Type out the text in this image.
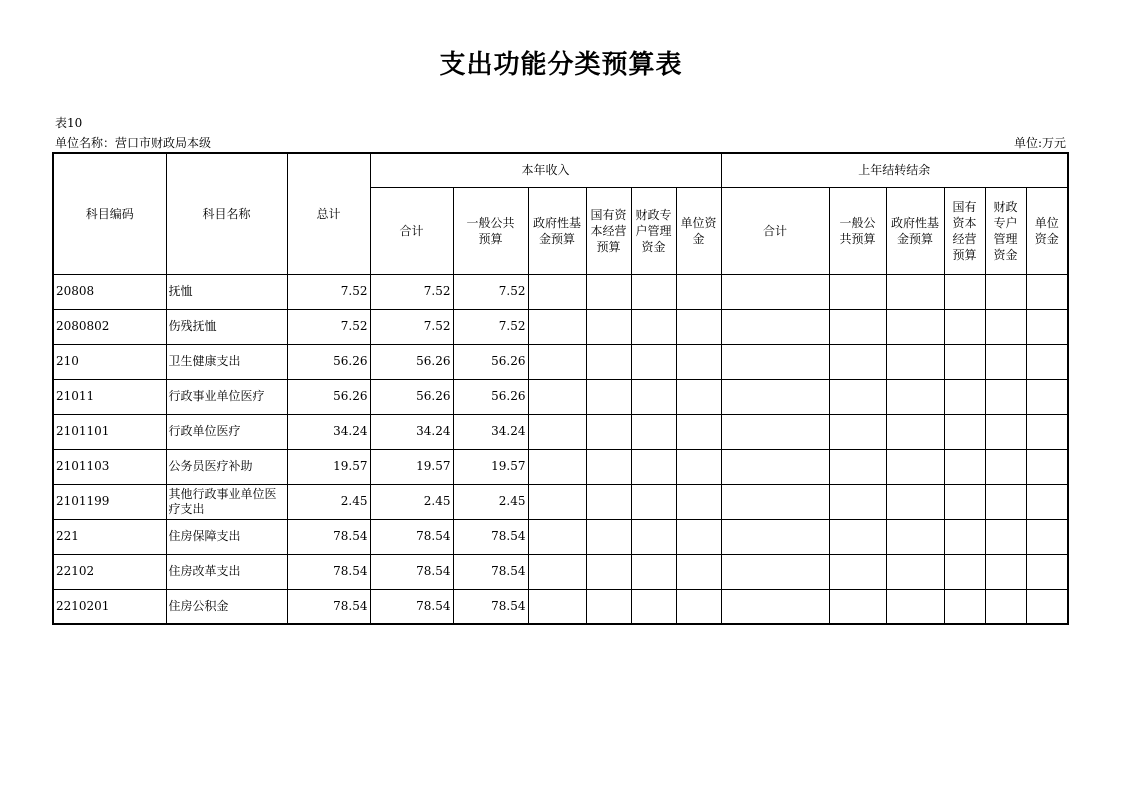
支出功能分类预算表
表10
单位名称：营口市财政局本级	单位:万元
科目编码	科目名称	总计	本年收入						上年结转结余					
			合计	一般公共预算	政府性基金预算	国有资本经营预算	财政专户管理资金	单位资金	合计	一般公共预算	政府性基金预算	国有资本经营预算	财政专户管理资金	单位资金
20808	抚恤	7.52	7.52	7.52										
2080802	伤残抚恤	7.52	7.52	7.52										
210	卫生健康支出	56.26	56.26	56.26										
21011	行政事业单位医疗	56.26	56.26	56.26										
2101101	行政单位医疗	34.24	34.24	34.24										
2101103	公务员医疗补助	19.57	19.57	19.57										
2101199	其他行政事业单位医疗支出	2.45	2.45	2.45										
221	住房保障支出	78.54	78.54	78.54										
22102	住房改革支出	78.54	78.54	78.54										
2210201	住房公积金	78.54	78.54	78.54										
